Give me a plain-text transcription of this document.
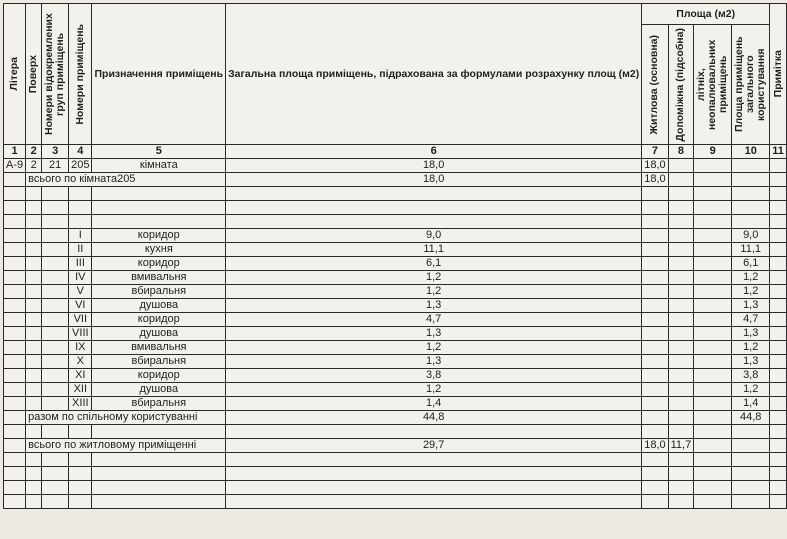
Літера	Поверх	Номери відокремлених груп приміщень	Номери приміщень	Призначення приміщень	Загальна площа приміщень, підрахована за формулами розрахунку площ (м2)	Площа (м2)				Примітка

						Житлова (основна)	Допоміжна (підсобна)	літніх, неопалювальних приміщень	Площа приміщень загального користування	

1	2	3	4	5	6	7	8	9	10	11
А-9	2	21	205	кімната	18,0	18,0				
	всього по кімната205				18,0	18,0				

			I	коридор	9,0				9,0	
			II	кухня	11,1				11,1	
			III	коридор	6,1				6,1	
			IV	вмивальня	1,2				1,2	
			V	вбиральня	1,2				1,2	
			VI	душова	1,3				1,3	
			VII	коридор	4,7				4,7	
			VIII	душова	1,3				1,3	
			IX	вмивальня	1,2				1,2	
			X	вбиральня	1,3				1,3	
			XI	коридор	3,8				3,8	
			XII	душова	1,2				1,2	
			XIII	вбиральня	1,4				1,4	
	разом по спільному користуванні				44,8				44,8	

	всього по житловому приміщенні				29,7	18,0	11,7			
